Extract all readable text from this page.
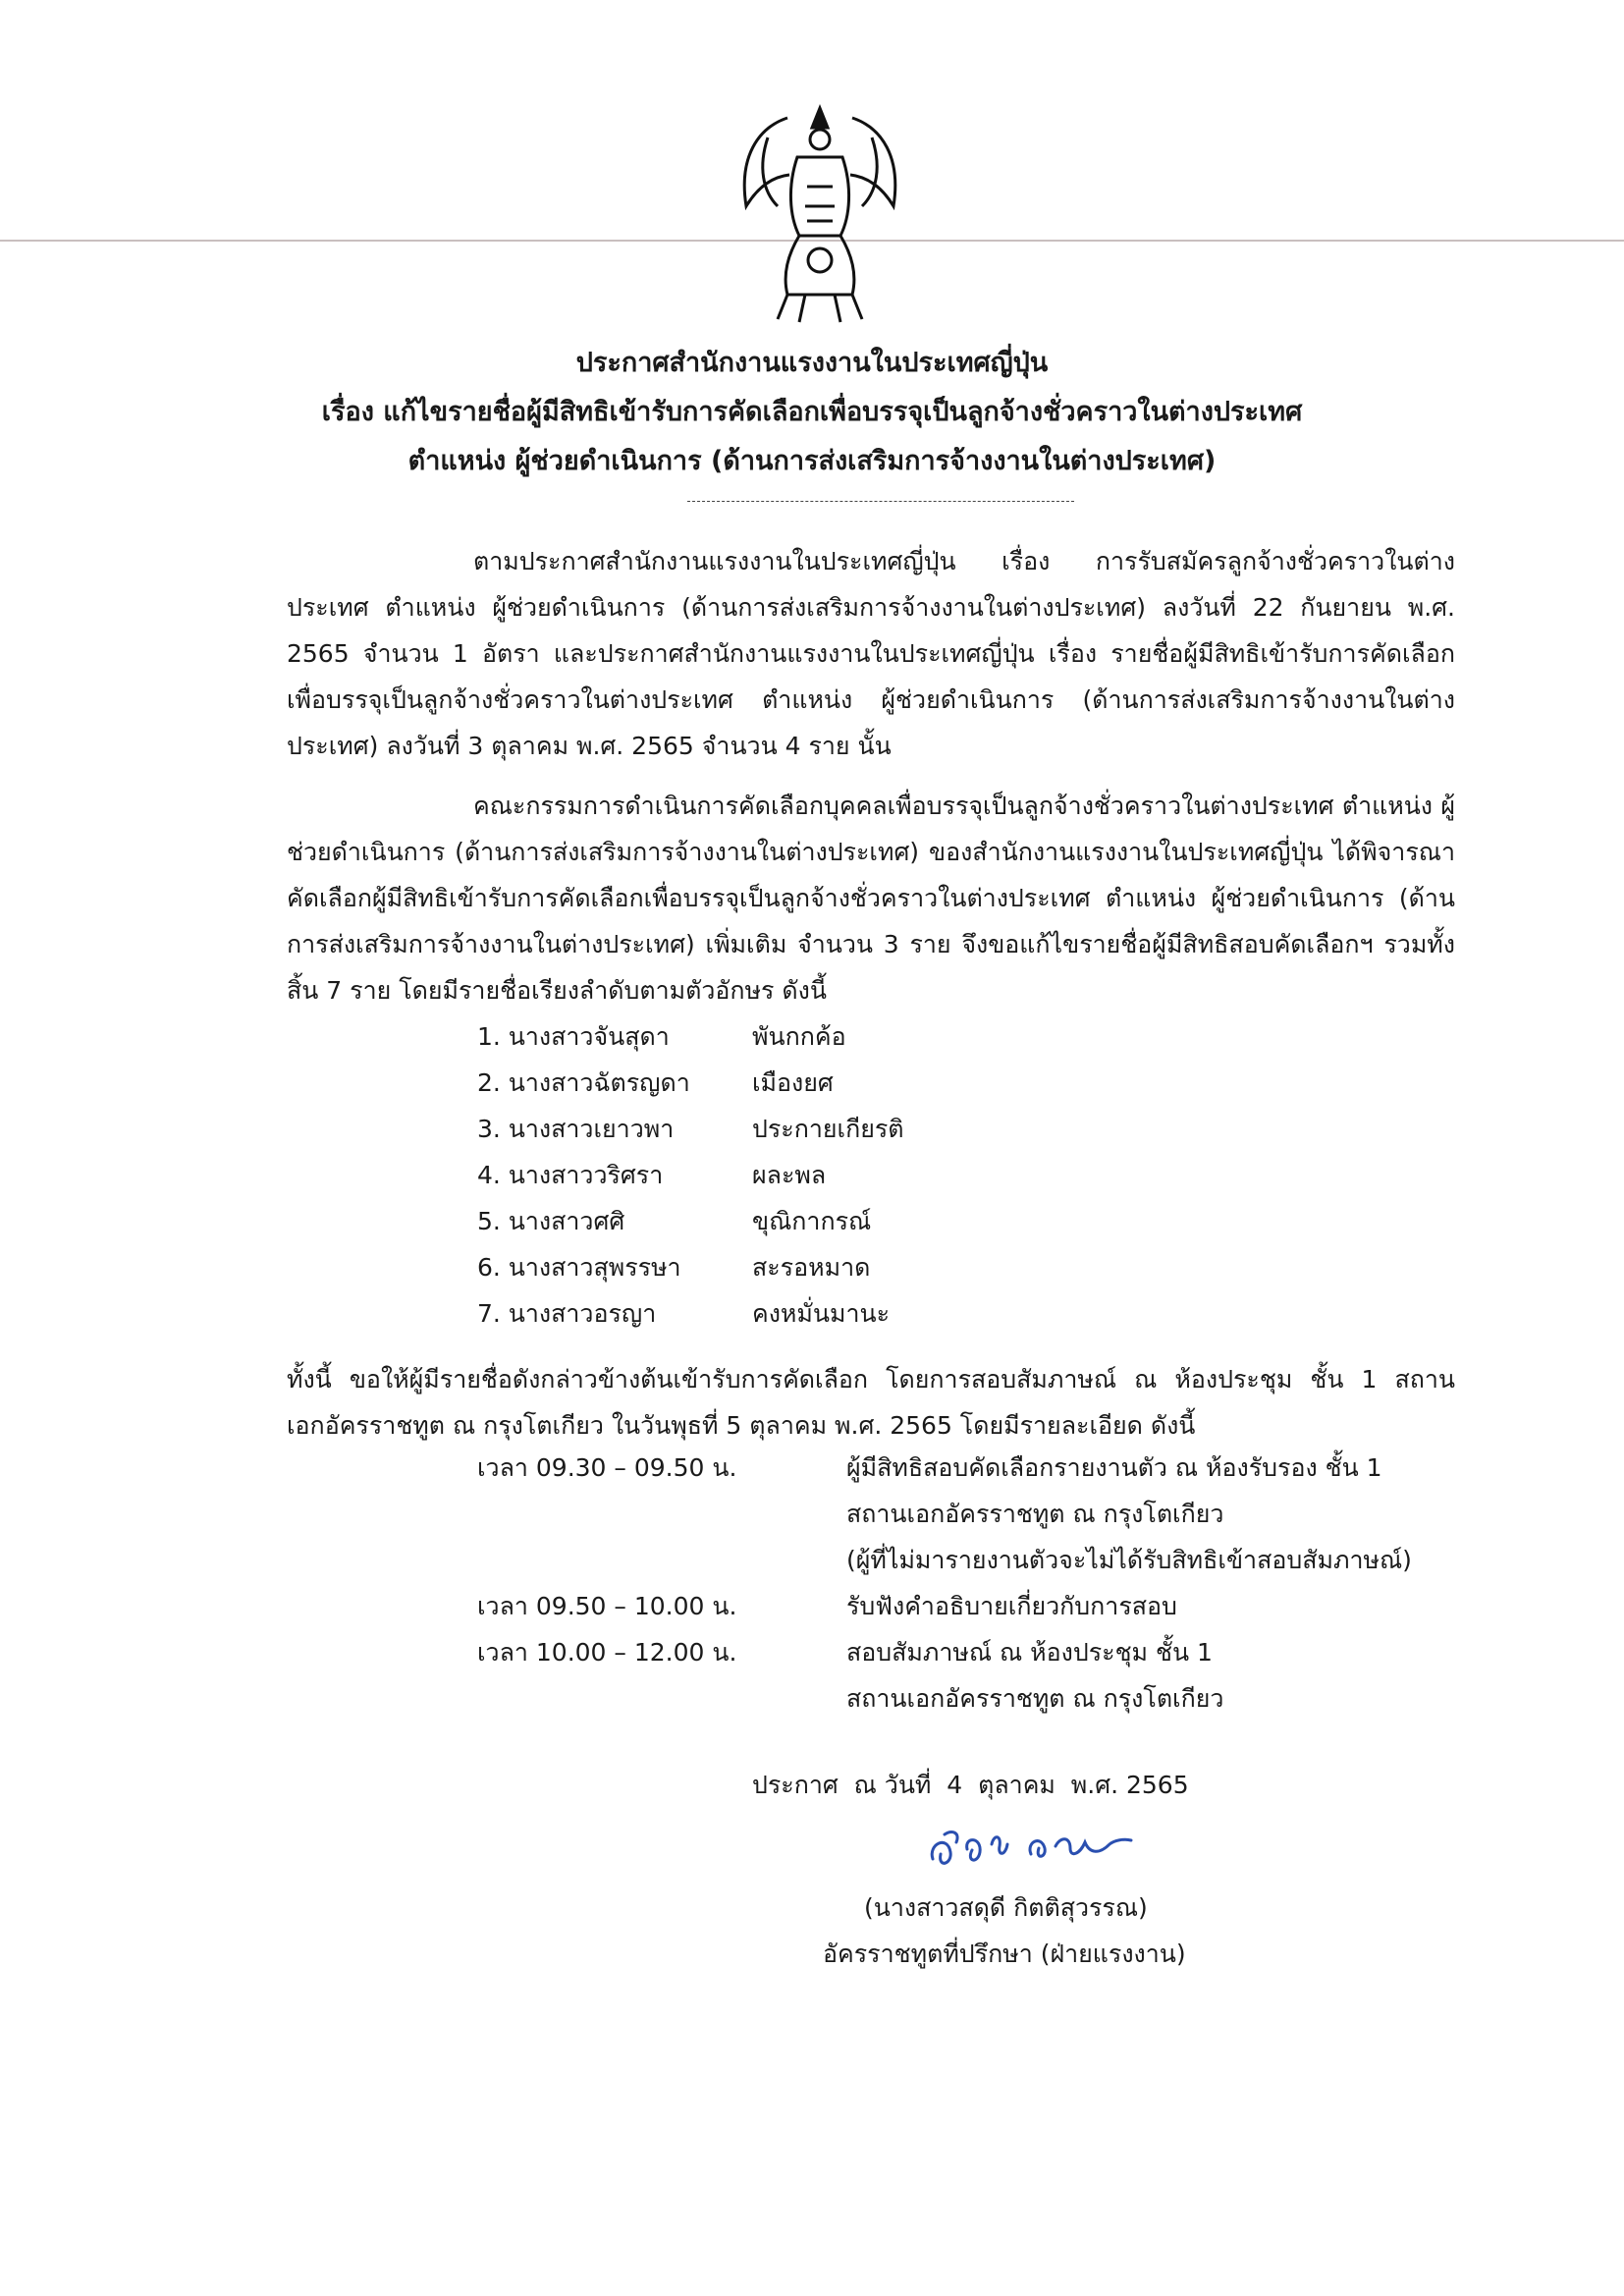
ประกาศสำนักงานแรงงานในประเทศญี่ปุ่น
เรื่อง แก้ไขรายชื่อผู้มีสิทธิเข้ารับการคัดเลือกเพื่อบรรจุเป็นลูกจ้างชั่วคราวในต่างประเทศ
ตำแหน่ง ผู้ช่วยดำเนินการ (ด้านการส่งเสริมการจ้างงานในต่างประเทศ)
ตามประกาศสำนักงานแรงงานในประเทศญี่ปุ่น เรื่อง การรับสมัครลูกจ้างชั่วคราวในต่างประเทศ ตำแหน่ง ผู้ช่วยดำเนินการ (ด้านการส่งเสริมการจ้างงานในต่างประเทศ) ลงวันที่ 22 กันยายน พ.ศ. 2565 จำนวน 1 อัตรา และประกาศสำนักงานแรงงานในประเทศญี่ปุ่น เรื่อง รายชื่อผู้มีสิทธิเข้ารับการคัดเลือกเพื่อบรรจุเป็นลูกจ้างชั่วคราวในต่างประเทศ ตำแหน่ง ผู้ช่วยดำเนินการ (ด้านการส่งเสริมการจ้างงานในต่างประเทศ) ลงวันที่ 3 ตุลาคม พ.ศ. 2565 จำนวน 4 ราย นั้น
คณะกรรมการดำเนินการคัดเลือกบุคคลเพื่อบรรจุเป็นลูกจ้างชั่วคราวในต่างประเทศ ตำแหน่ง ผู้ช่วยดำเนินการ (ด้านการส่งเสริมการจ้างงานในต่างประเทศ) ของสำนักงานแรงงานในประเทศญี่ปุ่น ได้พิจารณาคัดเลือกผู้มีสิทธิเข้ารับการคัดเลือกเพื่อบรรจุเป็นลูกจ้างชั่วคราวในต่างประเทศ ตำแหน่ง ผู้ช่วยดำเนินการ (ด้านการส่งเสริมการจ้างงานในต่างประเทศ) เพิ่มเติม จำนวน 3 ราย จึงขอแก้ไขรายชื่อผู้มีสิทธิสอบคัดเลือกฯ รวมทั้งสิ้น 7 ราย โดยมีรายชื่อเรียงลำดับตามตัวอักษร ดังนี้
1. นางสาวจันสุดา	พันกกค้อ
2. นางสาวฉัตรญดา	เมืองยศ
3. นางสาวเยาวพา	ประกายเกียรติ
4. นางสาววริศรา	ผละพล
5. นางสาวศศิ	ขุณิกากรณ์
6. นางสาวสุพรรษา	สะรอหมาด
7. นางสาวอรญา	คงหมั่นมานะ
ทั้งนี้ ขอให้ผู้มีรายชื่อดังกล่าวข้างต้นเข้ารับการคัดเลือก โดยการสอบสัมภาษณ์ ณ ห้องประชุม ชั้น 1 สถานเอกอัครราชทูต ณ กรุงโตเกียว ในวันพุธที่ 5 ตุลาคม พ.ศ. 2565 โดยมีรายละเอียด ดังนี้
เวลา 09.30 – 09.50 น.	ผู้มีสิทธิสอบคัดเลือกรายงานตัว ณ ห้องรับรอง ชั้น 1
สถานเอกอัครราชทูต ณ กรุงโตเกียว
(ผู้ที่ไม่มารายงานตัวจะไม่ได้รับสิทธิเข้าสอบสัมภาษณ์)
เวลา 09.50 – 10.00 น.	รับฟังคำอธิบายเกี่ยวกับการสอบ
เวลา 10.00 – 12.00 น.	สอบสัมภาษณ์ ณ ห้องประชุม ชั้น 1
สถานเอกอัครราชทูต ณ กรุงโตเกียว
ประกาศ  ณ วันที่  4  ตุลาคม  พ.ศ. 2565
(นางสาวสดุดี กิตติสุวรรณ)
อัครราชทูตที่ปรึกษา (ฝ่ายแรงงาน)
